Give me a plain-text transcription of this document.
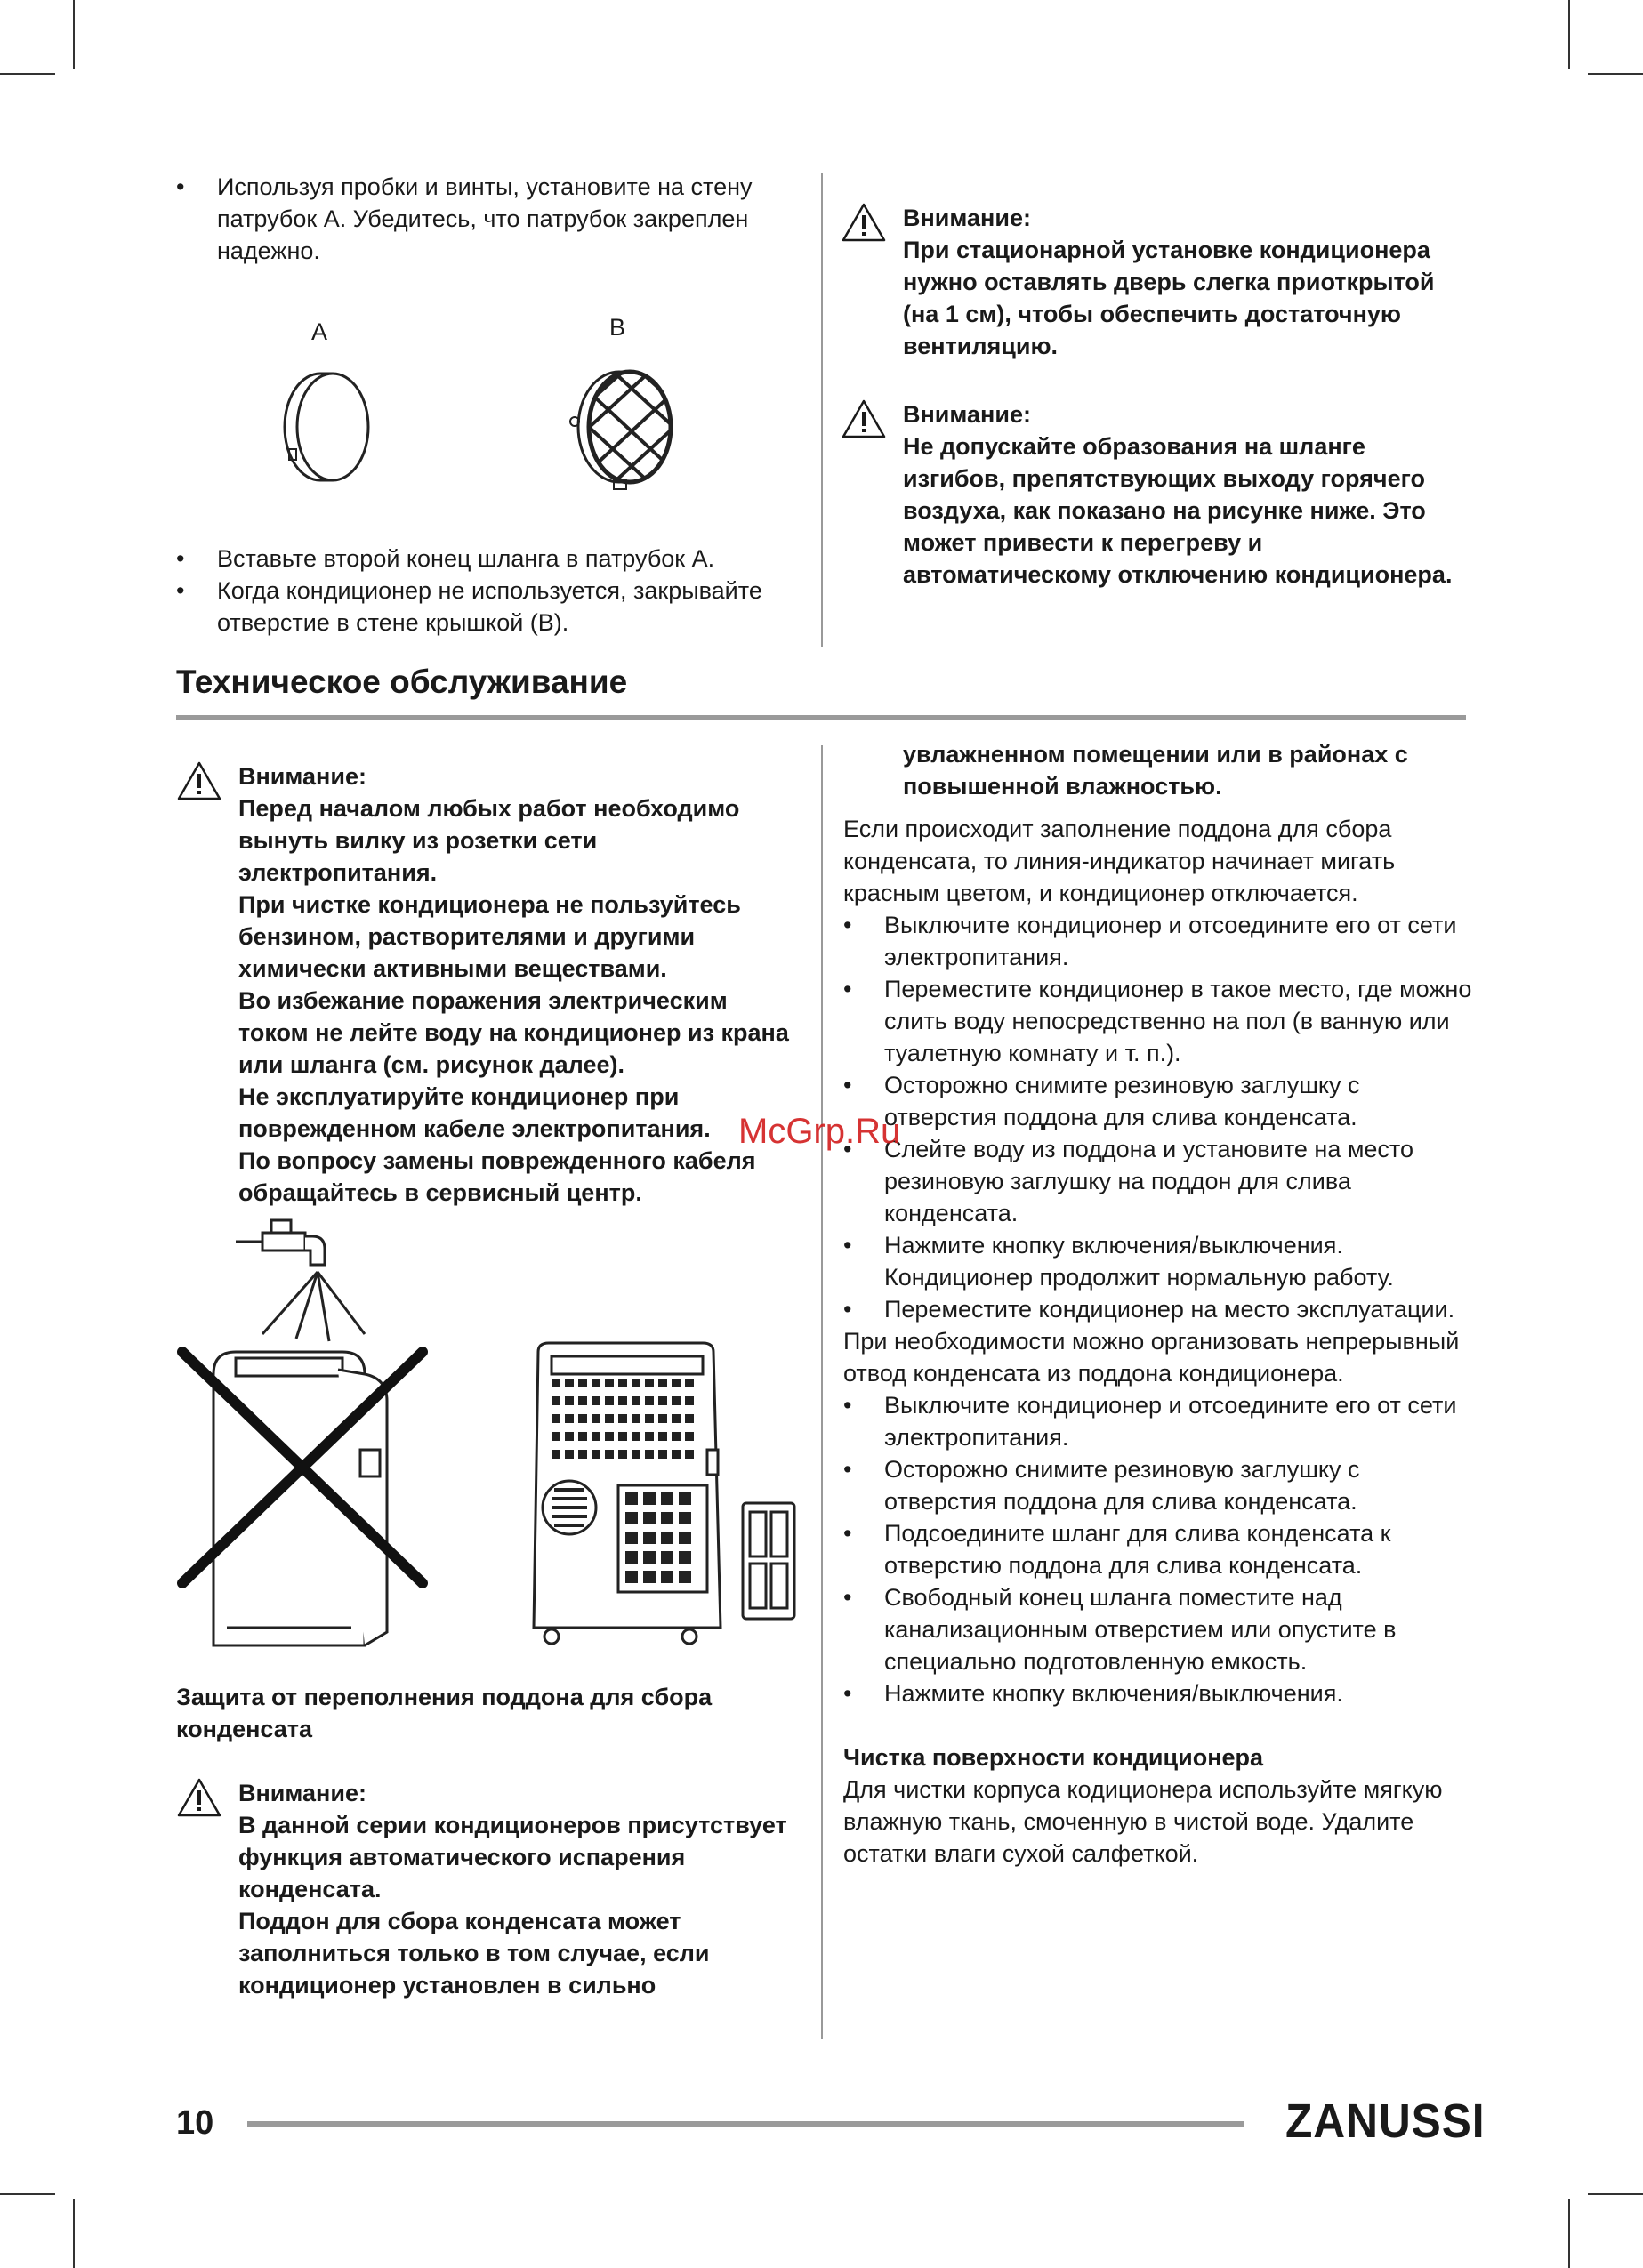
• Используя пробки и винты, установите на стену патрубок А. Убедитесь, что патрубок закреплен надежно.
A	B
• Вставьте второй конец шланга в патрубок А.
• Когда кондиционер не используется, закрывайте отверстие в стене крышкой (В).
Внимание:
При стационарной установке кондиционера нужно оставлять дверь слегка приоткрытой (на 1 см), чтобы обеспечить достаточную вентиляцию.
Внимание:
Не допускайте образования на шланге изгибов, препятствующих выходу горячего воздуха, как показано на рисунке ниже. Это может привести к перегреву и автоматическому отключению кондиционера.
Техническое обслуживание
Внимание:
Перед началом любых работ необходимо вынуть вилку из розетки сети электропитания.
При чистке кондиционера не пользуйтесь бензином, растворителями и другими химически активными веществами.
Во избежание поражения электрическим током не лейте воду на кондиционер из крана или шланга (см. рисунок далее).
Не эксплуатируйте кондиционер при поврежденном кабеле электропитания.
По вопросу замены поврежденного кабеля обращайтесь в сервисный центр.
Защита от переполнения поддона для сбора конденсата
Внимание:
В данной серии кондиционеров присутствует функция автоматического испарения конденсата.
Поддон для сбора конденсата может заполниться только в том случае, если кондиционер установлен в сильно
увлажненном помещении или в районах с повышенной влажностью.

Если происходит заполнение поддона для сбора конденсата, то линия-индикатор начинает мигать красным цветом, и кондиционер отключается.

• Выключите кондиционер и отсоедините его от сети электропитания.
• Переместите кондиционер в такое место, где можно слить воду непосредственно на пол (в ванную или туалетную комнату и т. п.).
• Осторожно снимите резиновую заглушку с отверстия поддона для слива конденсата.
• Слейте воду из поддона и установите на место резиновую заглушку на поддон для слива конденсата.
• Нажмите кнопку включения/выключения. Кондиционер продолжит нормальную работу.
• Переместите кондиционер на место эксплуатации.

При необходимости можно организовать непрерывный отвод конденсата из поддона кондиционера.

• Выключите кондиционер и отсоедините его от сети электропитания.
• Осторожно снимите резиновую заглушку с отверстия поддона для слива конденсата.
• Подсоедините шланг для слива конденсата к отверстию поддона для слива конденсата.
• Свободный конец шланга поместите над канализационным отверстием или опустите в специально подготовленную емкость.
• Нажмите кнопку включения/выключения.
Чистка поверхности кондиционера

Для чистки корпуса кодиционера используйте мягкую влажную ткань, смоченную в чистой воде. Удалите остатки влаги сухой салфеткой.

McGrp.Ru
10	ZANUSSI
